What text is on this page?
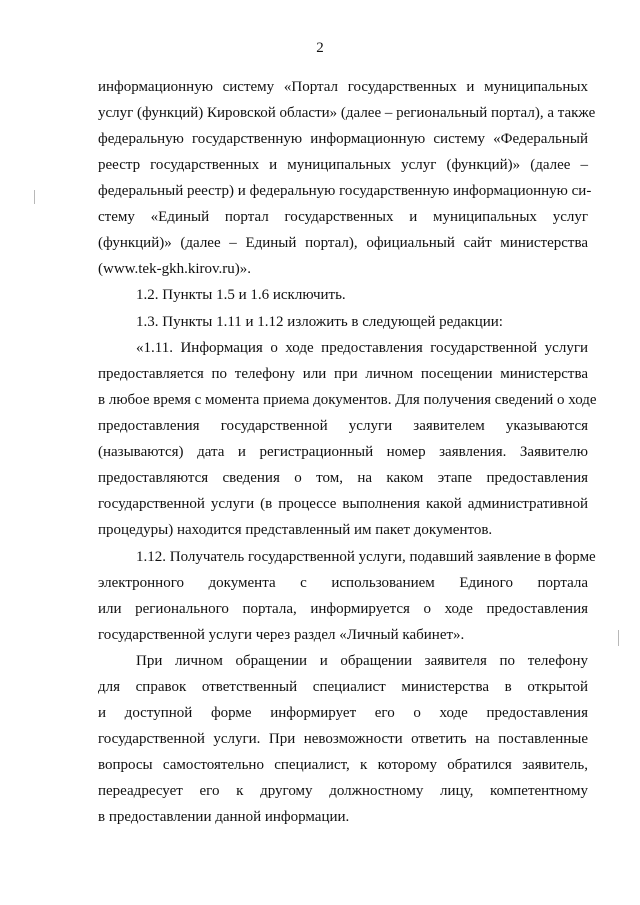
2
информационную систему «Портал государственных и муниципальных
услуг (функций) Кировской области» (далее – региональный портал), а также
федеральную государственную информационную систему «Федеральный
реестр государственных и муниципальных услуг (функций)» (далее –
федеральный реестр) и федеральную государственную информационную си-
стему «Единый портал государственных и муниципальных услуг
(функций)» (далее – Единый портал), официальный сайт министерства
(www.tek-gkh.kirov.ru)».
1.2. Пункты 1.5 и 1.6 исключить.
1.3. Пункты 1.11 и 1.12 изложить в следующей редакции:
«1.11. Информация о ходе предоставления государственной услуги
предоставляется по телефону или при личном посещении министерства
в любое время с момента приема документов. Для получения сведений о ходе
предоставления государственной услуги заявителем указываются
(называются) дата и регистрационный номер заявления. Заявителю
предоставляются сведения о том, на каком этапе предоставления
государственной услуги (в процессе выполнения какой административной
процедуры) находится представленный им пакет документов.
1.12. Получатель государственной услуги, подавший заявление в форме
электронного документа с использованием Единого портала
или регионального портала, информируется о ходе предоставления
государственной услуги через раздел «Личный кабинет».
При личном обращении и обращении заявителя по телефону
для справок ответственный специалист министерства в открытой
и доступной форме информирует его о ходе предоставления
государственной услуги. При невозможности ответить на поставленные
вопросы самостоятельно специалист, к которому обратился заявитель,
переадресует его к другому должностному лицу, компетентному
в предоставлении данной информации.
